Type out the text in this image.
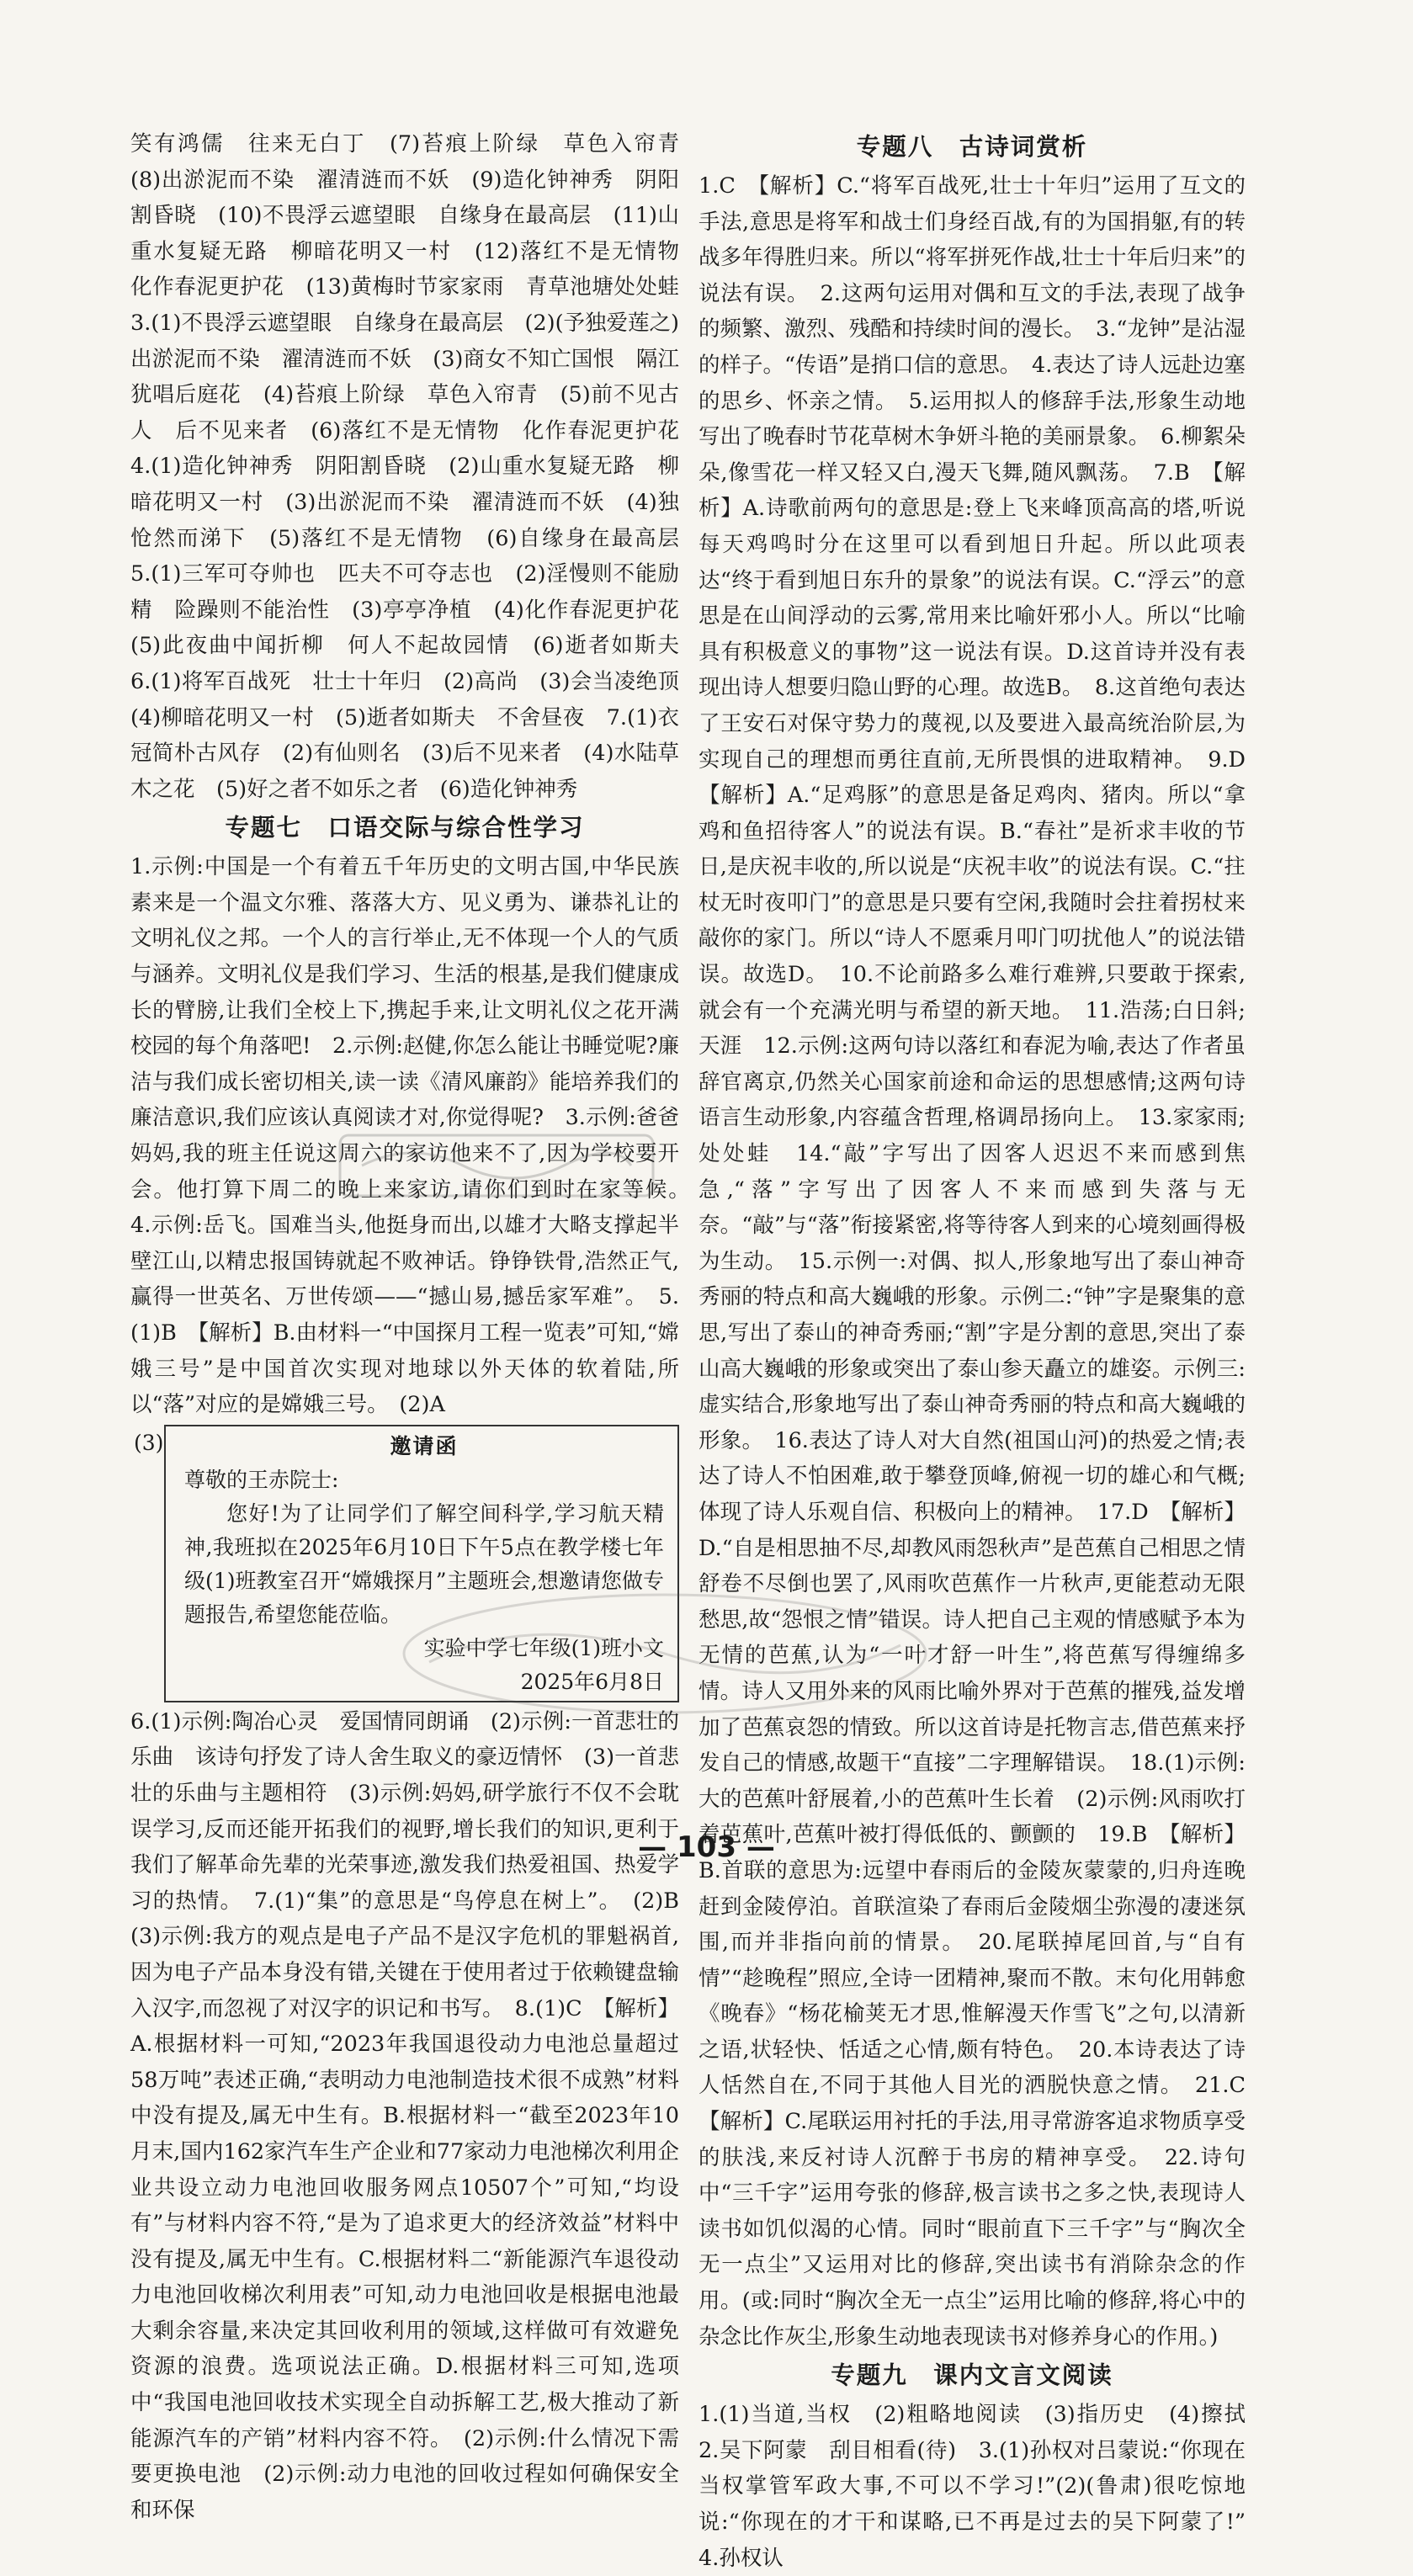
笑有鸿儒　往来无白丁　(7)苔痕上阶绿　草色入帘青　(8)出淤泥而不染　濯清涟而不妖　(9)造化钟神秀　阴阳割昏晓　(10)不畏浮云遮望眼　自缘身在最高层　(11)山重水复疑无路　柳暗花明又一村　(12)落红不是无情物　化作春泥更护花　(13)黄梅时节家家雨　青草池塘处处蛙　3.(1)不畏浮云遮望眼　自缘身在最高层　(2)(予独爱莲之)出淤泥而不染　濯清涟而不妖　(3)商女不知亡国恨　隔江犹唱后庭花　(4)苔痕上阶绿　草色入帘青　(5)前不见古人　后不见来者　(6)落红不是无情物　化作春泥更护花　4.(1)造化钟神秀　阴阳割昏晓　(2)山重水复疑无路　柳暗花明又一村　(3)出淤泥而不染　濯清涟而不妖　(4)独怆然而涕下　(5)落红不是无情物　(6)自缘身在最高层　5.(1)三军可夺帅也　匹夫不可夺志也　(2)淫慢则不能励精　险躁则不能治性　(3)亭亭净植　(4)化作春泥更护花　(5)此夜曲中闻折柳　何人不起故园情　(6)逝者如斯夫　6.(1)将军百战死　壮士十年归　(2)高尚　(3)会当凌绝顶　(4)柳暗花明又一村　(5)逝者如斯夫　不舍昼夜　7.(1)衣冠简朴古风存　(2)有仙则名　(3)后不见来者　(4)水陆草木之花　(5)好之者不如乐之者　(6)造化钟神秀

专题七　口语交际与综合性学习

1.示例:中国是一个有着五千年历史的文明古国,中华民族素来是一个温文尔雅、落落大方、见义勇为、谦恭礼让的文明礼仪之邦。一个人的言行举止,无不体现一个人的气质与涵养。文明礼仪是我们学习、生活的根基,是我们健康成长的臂膀,让我们全校上下,携起手来,让文明礼仪之花开满校园的每个角落吧!　2.示例:赵健,你怎么能让书睡觉呢?廉洁与我们成长密切相关,读一读《清风廉韵》能培养我们的廉洁意识,我们应该认真阅读才对,你觉得呢?　3.示例:爸爸妈妈,我的班主任说这周六的家访他来不了,因为学校要开会。他打算下周二的晚上来家访,请你们到时在家等候。　4.示例:岳飞。国难当头,他挺身而出,以雄才大略支撑起半壁江山,以精忠报国铸就起不败神话。铮铮铁骨,浩然正气,赢得一世英名、万世传颂——“撼山易,撼岳家军难”。　5.(1)B　【解析】B.由材料一“中国探月工程一览表”可知,“嫦娥三号”是中国首次实现对地球以外天体的软着陆,所以“落”对应的是嫦娥三号。　(2)A

(3)	邀请函
尊敬的王赤院士:
您好!为了让同学们了解空间科学,学习航天精神,我班拟在2025年6月10日下午5点在教学楼七年级(1)班教室召开“嫦娥探月”主题班会,想邀请您做专题报告,希望您能莅临。
实验中学七年级(1)班小文
2025年6月8日

6.(1)示例:陶冶心灵　爱国情同朗诵　(2)示例:一首悲壮的乐曲　该诗句抒发了诗人舍生取义的豪迈情怀　(3)一首悲壮的乐曲与主题相符　(3)示例:妈妈,研学旅行不仅不会耽误学习,反而还能开拓我们的视野,增长我们的知识,更利于我们了解革命先辈的光荣事迹,激发我们热爱祖国、热爱学习的热情。　7.(1)“集”的意思是“鸟停息在树上”。　(2)B　(3)示例:我方的观点是电子产品不是汉字危机的罪魁祸首,因为电子产品本身没有错,关键在于使用者过于依赖键盘输入汉字,而忽视了对汉字的识记和书写。　8.(1)C　【解析】A.根据材料一可知,“2023年我国退役动力电池总量超过58万吨”表述正确,“表明动力电池制造技术很不成熟”材料中没有提及,属无中生有。B.根据材料一“截至2023年10月末,国内162家汽车生产企业和77家动力电池梯次利用企业共设立动力电池回收服务网点10507个”可知,“均设有”与材料内容不符,“是为了追求更大的经济效益”材料中没有提及,属无中生有。C.根据材料二“新能源汽车退役动力电池回收梯次利用表”可知,动力电池回收是根据电池最大剩余容量,来决定其回收利用的领域,这样做可有效避免资源的浪费。选项说法正确。D.根据材料三可知,选项中“我国电池回收技术实现全自动拆解工艺,极大推动了新能源汽车的产销”材料内容不符。　(2)示例:什么情况下需要更换电池　(2)示例:动力电池的回收过程如何确保安全和环保

专题八　古诗词赏析

1.C　【解析】C.“将军百战死,壮士十年归”运用了互文的手法,意思是将军和战士们身经百战,有的为国捐躯,有的转战多年得胜归来。所以“将军拼死作战,壮士十年后归来”的说法有误。　2.这两句运用对偶和互文的手法,表现了战争的频繁、激烈、残酷和持续时间的漫长。　3.“龙钟”是沾湿的样子。“传语”是捎口信的意思。　4.表达了诗人远赴边塞的思乡、怀亲之情。　5.运用拟人的修辞手法,形象生动地写出了晚春时节花草树木争妍斗艳的美丽景象。　6.柳絮朵朵,像雪花一样又轻又白,漫天飞舞,随风飘荡。　7.B　【解析】A.诗歌前两句的意思是:登上飞来峰顶高高的塔,听说每天鸡鸣时分在这里可以看到旭日升起。所以此项表达“终于看到旭日东升的景象”的说法有误。C.“浮云”的意思是在山间浮动的云雾,常用来比喻奸邪小人。所以“比喻具有积极意义的事物”这一说法有误。D.这首诗并没有表现出诗人想要归隐山野的心理。故选B。　8.这首绝句表达了王安石对保守势力的蔑视,以及要进入最高统治阶层,为实现自己的理想而勇往直前,无所畏惧的进取精神。　9.D　【解析】A.“足鸡豚”的意思是备足鸡肉、猪肉。所以“拿鸡和鱼招待客人”的说法有误。B.“春社”是祈求丰收的节日,是庆祝丰收的,所以说是“庆祝丰收”的说法有误。C.“拄杖无时夜叩门”的意思是只要有空闲,我随时会拄着拐杖来敲你的家门。所以“诗人不愿乘月叩门叨扰他人”的说法错误。故选D。　10.不论前路多么难行难辨,只要敢于探索,就会有一个充满光明与希望的新天地。　11.浩荡;白日斜;天涯　12.示例:这两句诗以落红和春泥为喻,表达了作者虽辞官离京,仍然关心国家前途和命运的思想感情;这两句诗语言生动形象,内容蕴含哲理,格调昂扬向上。　13.家家雨;处处蛙　14.“敲”字写出了因客人迟迟不来而感到焦急,“落”字写出了因客人不来而感到失落与无奈。“敲”与“落”衔接紧密,将等待客人到来的心境刻画得极为生动。　15.示例一:对偶、拟人,形象地写出了泰山神奇秀丽的特点和高大巍峨的形象。示例二:“钟”字是聚集的意思,写出了泰山的神奇秀丽;“割”字是分割的意思,突出了泰山高大巍峨的形象或突出了泰山参天矗立的雄姿。示例三:虚实结合,形象地写出了泰山神奇秀丽的特点和高大巍峨的形象。　16.表达了诗人对大自然(祖国山河)的热爱之情;表达了诗人不怕困难,敢于攀登顶峰,俯视一切的雄心和气概;体现了诗人乐观自信、积极向上的精神。　17.D　【解析】D.“自是相思抽不尽,却教风雨怨秋声”是芭蕉自己相思之情舒卷不尽倒也罢了,风雨吹芭蕉作一片秋声,更能惹动无限愁思,故“怨恨之情”错误。诗人把自己主观的情感赋予本为无情的芭蕉,认为“一叶才舒一叶生”,将芭蕉写得缠绵多情。诗人又用外来的风雨比喻外界对于芭蕉的摧残,益发增加了芭蕉哀怨的情致。所以这首诗是托物言志,借芭蕉来抒发自己的情感,故题干“直接”二字理解错误。　18.(1)示例:大的芭蕉叶舒展着,小的芭蕉叶生长着　(2)示例:风雨吹打着芭蕉叶,芭蕉叶被打得低低的、颤颤的　19.B　【解析】B.首联的意思为:远望中春雨后的金陵灰蒙蒙的,归舟连晚赶到金陵停泊。首联渲染了春雨后金陵烟尘弥漫的凄迷氛围,而并非指向前的情景。　20.尾联掉尾回首,与“自有情”“趁晚程”照应,全诗一团精神,聚而不散。末句化用韩愈《晚春》“杨花榆荚无才思,惟解漫天作雪飞”之句,以清新之语,状轻快、恬适之心情,颇有特色。　20.本诗表达了诗人恬然自在,不同于其他人目光的洒脱快意之情。　21.C　【解析】C.尾联运用衬托的手法,用寻常游客追求物质享受的肤浅,来反衬诗人沉醉于书房的精神享受。　22.诗句中“三千字”运用夸张的修辞,极言读书之多之快,表现诗人读书如饥似渴的心情。同时“眼前直下三千字”与“胸次全无一点尘”又运用对比的修辞,突出读书有消除杂念的作用。(或:同时“胸次全无一点尘”运用比喻的修辞,将心中的杂念比作灰尘,形象生动地表现读书对修养身心的作用。)

专题九　课内文言文阅读

1.(1)当道,当权　(2)粗略地阅读　(3)指历史　(4)擦拭　2.吴下阿蒙　刮目相看(待)　3.(1)孙权对吕蒙说:“你现在当权掌管军政大事,不可以不学习!”(2)(鲁肃)很吃惊地说:“你现在的才干和谋略,已不再是过去的吴下阿蒙了!”　4.孙权认

— 103 —
